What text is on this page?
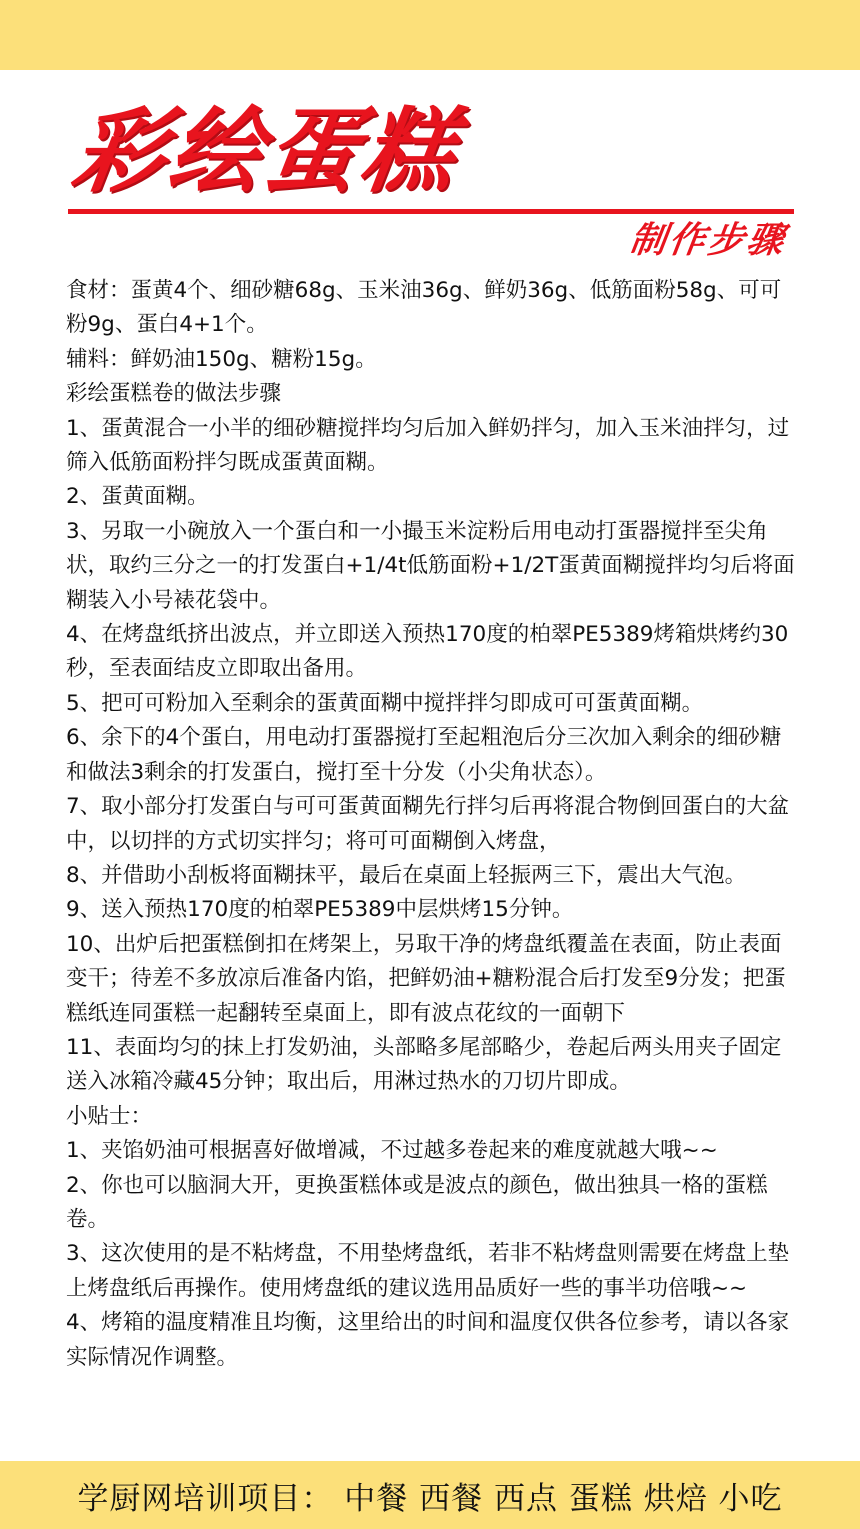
彩绘蛋糕
制作步骤

食材：蛋黄4个、细砂糖68g、玉米油36g、鲜奶36g、低筋面粉58g、可可粉9g、蛋白4+1个。

辅料：鲜奶油150g、糖粉15g。

彩绘蛋糕卷的做法步骤

1、蛋黄混合一小半的细砂糖搅拌均匀后加入鲜奶拌匀，加入玉米油拌匀，过筛入低筋面粉拌匀既成蛋黄面糊。

2、蛋黄面糊。

3、另取一小碗放入一个蛋白和一小撮玉米淀粉后用电动打蛋器搅拌至尖角状，取约三分之一的打发蛋白+1/4t低筋面粉+1/2T蛋黄面糊搅拌均匀后将面糊装入小号裱花袋中。

4、在烤盘纸挤出波点，并立即送入预热170度的柏翠PE5389烤箱烘烤约30秒，至表面结皮立即取出备用。

5、把可可粉加入至剩余的蛋黄面糊中搅拌拌匀即成可可蛋黄面糊。

6、余下的4个蛋白，用电动打蛋器搅打至起粗泡后分三次加入剩余的细砂糖和做法3剩余的打发蛋白，搅打至十分发（小尖角状态）。

7、取小部分打发蛋白与可可蛋黄面糊先行拌匀后再将混合物倒回蛋白的大盆中，以切拌的方式切实拌匀；将可可面糊倒入烤盘，

8、并借助小刮板将面糊抹平，最后在桌面上轻振两三下，震出大气泡。

9、送入预热170度的柏翠PE5389中层烘烤15分钟。

10、出炉后把蛋糕倒扣在烤架上，另取干净的烤盘纸覆盖在表面，防止表面变干；待差不多放凉后准备内馅，把鲜奶油+糖粉混合后打发至9分发；把蛋糕纸连同蛋糕一起翻转至桌面上，即有波点花纹的一面朝下

11、表面均匀的抹上打发奶油，头部略多尾部略少，卷起后两头用夹子固定送入冰箱冷藏45分钟；取出后，用淋过热水的刀切片即成。

小贴士：

1、夹馅奶油可根据喜好做增减，不过越多卷起来的难度就越大哦~~

2、你也可以脑洞大开，更换蛋糕体或是波点的颜色，做出独具一格的蛋糕卷。

3、这次使用的是不粘烤盘，不用垫烤盘纸，若非不粘烤盘则需要在烤盘上垫上烤盘纸后再操作。使用烤盘纸的建议选用品质好一些的事半功倍哦~~

4、烤箱的温度精准且均衡，这里给出的时间和温度仅供各位参考，请以各家实际情况作调整。

学厨网培训项目： 中餐 西餐 西点 蛋糕 烘焙 小吃
